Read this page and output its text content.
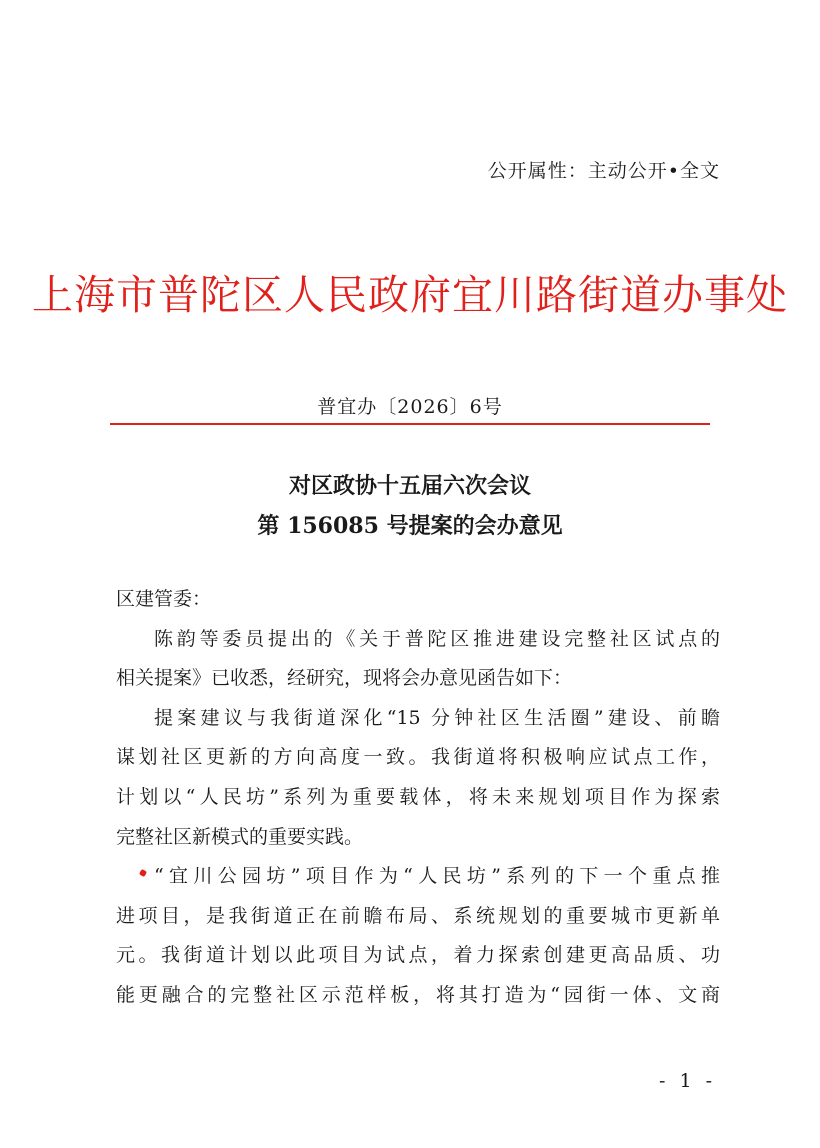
公开属性：主动公开•全文
上海市普陀区人民政府宜川路街道办事处
普宜办〔2026〕6号
对区政协十五届六次会议
第 156085 号提案的会办意见
区建管委：
陈韵等委员提出的《关于普陀区推进建设完整社区试点的
相关提案》已收悉，经研究，现将会办意见函告如下：
提案建议与我街道深化“15 分钟社区生活圈”建设、前瞻
谋划社区更新的方向高度一致。我街道将积极响应试点工作，
计划以“人民坊”系列为重要载体，将未来规划项目作为探索
完整社区新模式的重要实践。
“宜川公园坊”项目作为“人民坊”系列的下一个重点推
进项目，是我街道正在前瞻布局、系统规划的重要城市更新单
元。我街道计划以此项目为试点，着力探索创建更高品质、功
能更融合的完整社区示范样板，将其打造为“园街一体、文商
- 1 -
